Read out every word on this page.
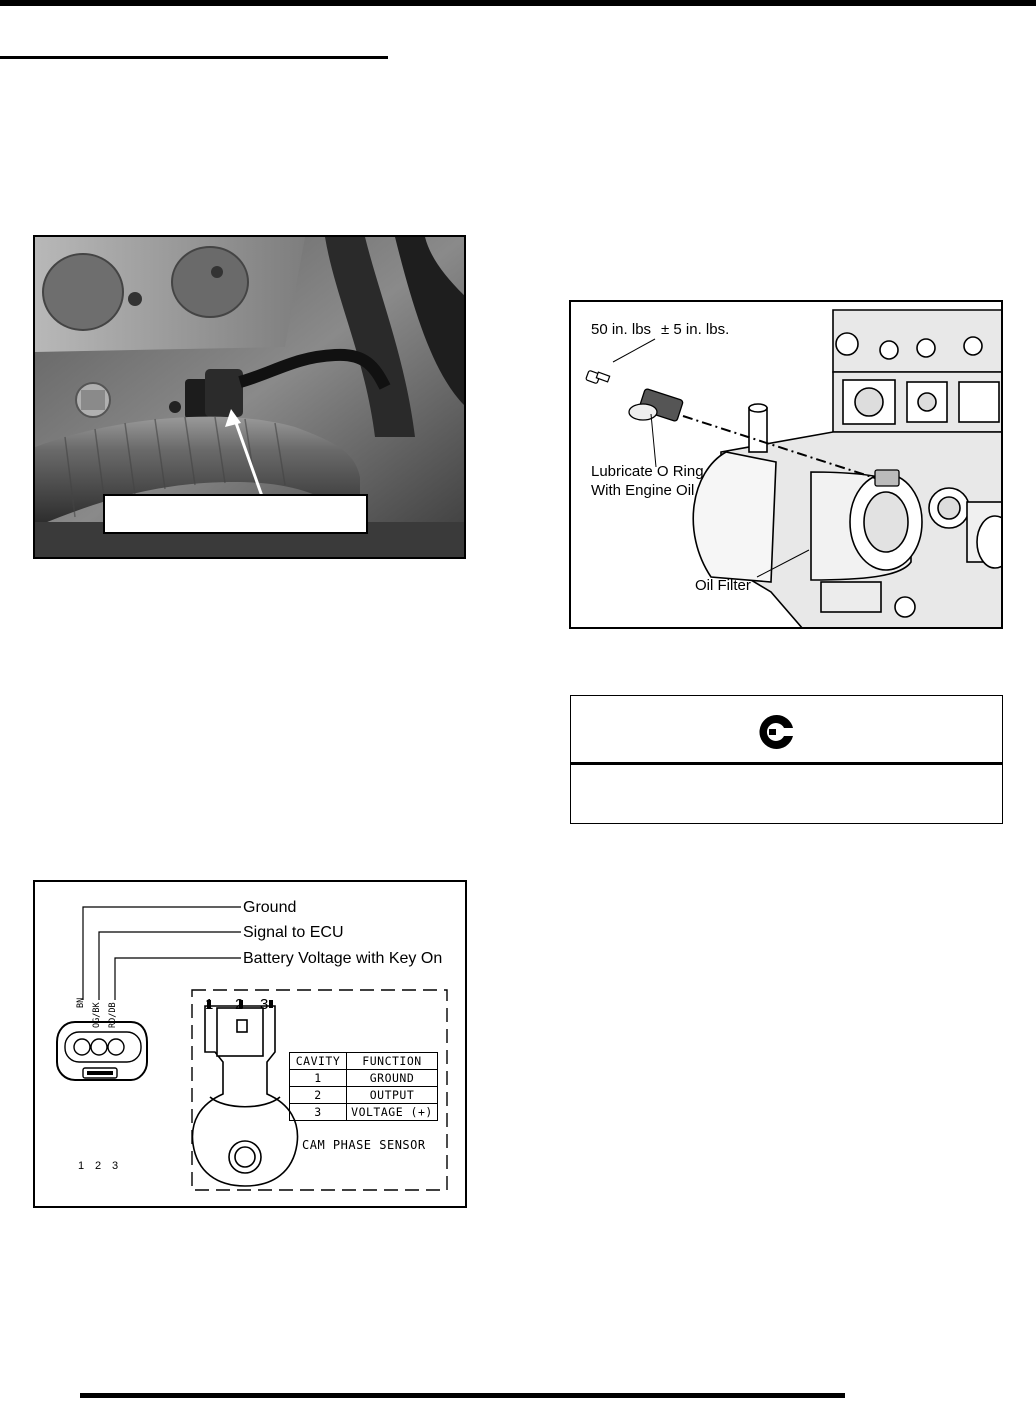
50 in. lbs ± 5 in. lbs.
Lubricate O Ring
With Engine Oil
Oil Filter
Ground
Signal to ECU
Battery Voltage with Key On
BN OG/BK RD/DB
1 2 3
1 2 3
CAVITY	FUNCTION
1	GROUND
2	OUTPUT
3	VOLTAGE (+)
CAM PHASE SENSOR
